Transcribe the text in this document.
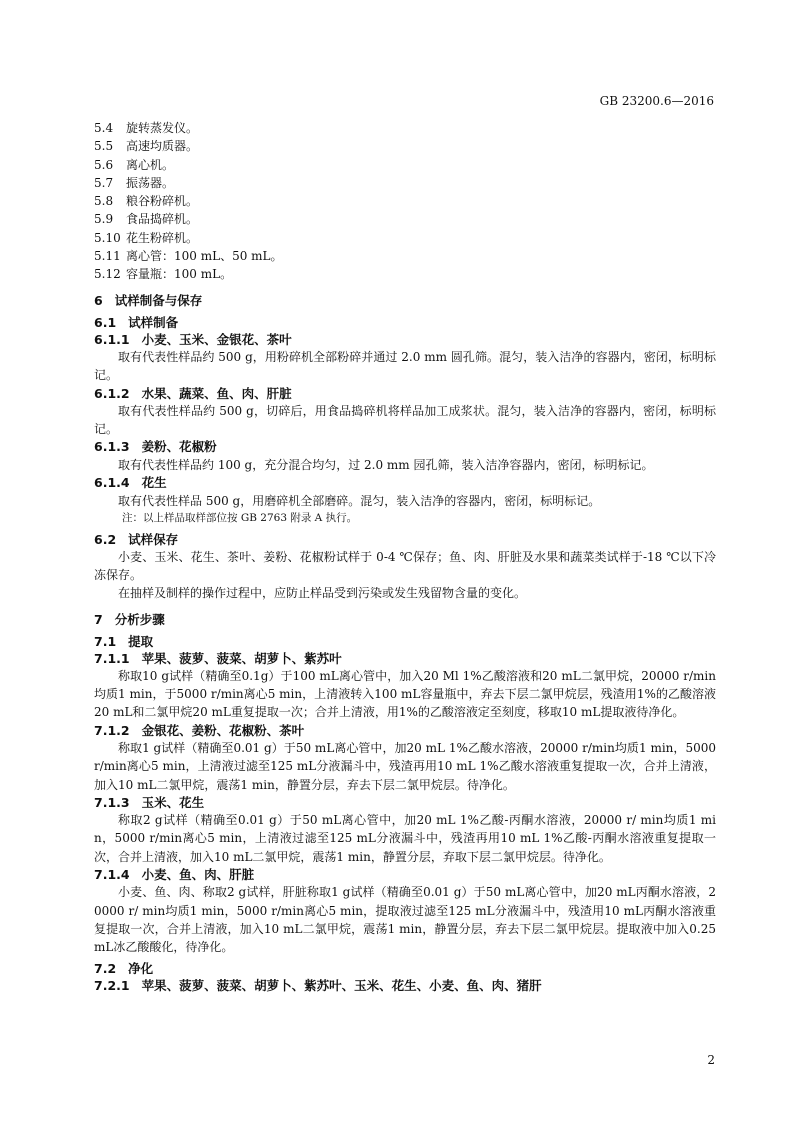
GB 23200.6—2016
5.4 旋转蒸发仪。
5.5 高速均质器。
5.6 离心机。
5.7 振荡器。
5.8 粮谷粉碎机。
5.9 食品捣碎机。
5.10 花生粉碎机。
5.11 离心管：100 mL、50 mL。
5.12 容量瓶：100 mL。
6 试样制备与保存
6.1 试样制备
6.1.1 小麦、玉米、金银花、茶叶
取有代表性样品约 500 g，用粉碎机全部粉碎并通过 2.0 mm 圆孔筛。混匀，装入洁净的容器内，密闭，标明标记。
6.1.2 水果、蔬菜、鱼、肉、肝脏
取有代表性样品约 500 g，切碎后，用食品捣碎机将样品加工成浆状。混匀，装入洁净的容器内，密闭，标明标记。
6.1.3 姜粉、花椒粉
取有代表性样品约 100 g，充分混合均匀，过 2.0 mm 园孔筛，装入洁净容器内，密闭，标明标记。
6.1.4 花生
取有代表性样品 500 g，用磨碎机全部磨碎。混匀，装入洁净的容器内，密闭，标明标记。
注：以上样品取样部位按 GB 2763 附录 A 执行。
6.2 试样保存
小麦、玉米、花生、茶叶、姜粉、花椒粉试样于 0-4 ℃保存；鱼、肉、肝脏及水果和蔬菜类试样于-18 ℃以下冷冻保存。
在抽样及制样的操作过程中，应防止样品受到污染或发生残留物含量的变化。
7 分析步骤
7.1 提取
7.1.1 苹果、菠萝、菠菜、胡萝卜、紫苏叶
称取10 g试样（精确至0.1g）于100 mL离心管中，加入20 Ml 1%乙酸溶液和20 mL二氯甲烷，20000 r/min均质1 min，于5000 r/min离心5 min，上清液转入100 mL容量瓶中，弃去下层二氯甲烷层，残渣用1%的乙酸溶液20 mL和二氯甲烷20 mL重复提取一次；合并上清液，用1%的乙酸溶液定至刻度，移取10 mL提取液待净化。
7.1.2 金银花、姜粉、花椒粉、茶叶
称取1 g试样（精确至0.01 g）于50 mL离心管中，加20 mL 1%乙酸水溶液，20000 r/min均质1 min，5000 r/min离心5 min，上清液过滤至125 mL分液漏斗中，残渣再用10 mL 1%乙酸水溶液重复提取一次，合并上清液，加入10 mL二氯甲烷，震荡1 min，静置分层，弃去下层二氯甲烷层。待净化。
7.1.3 玉米、花生
称取2 g试样（精确至0.01 g）于50 mL离心管中，加20 mL 1%乙酸-丙酮水溶液，20000 r/ min均质1 min，5000 r/min离心5 min，上清液过滤至125 mL分液漏斗中，残渣再用10 mL 1%乙酸-丙酮水溶液重复提取一次，合并上清液，加入10 mL二氯甲烷，震荡1 min，静置分层，弃取下层二氯甲烷层。待净化。
7.1.4 小麦、鱼、肉、肝脏
小麦、鱼、肉、称取2 g试样，肝脏称取1 g试样（精确至0.01 g）于50 mL离心管中，加20 mL丙酮水溶液，20000 r/ min均质1 min，5000 r/min离心5 min，提取液过滤至125 mL分液漏斗中，残渣用10 mL丙酮水溶液重复提取一次，合并上清液，加入10 mL二氯甲烷，震荡1 min，静置分层，弃去下层二氯甲烷层。提取液中加入0.25 mL冰乙酸酸化，待净化。
7.2 净化
7.2.1 苹果、菠萝、菠菜、胡萝卜、紫苏叶、玉米、花生、小麦、鱼、肉、猪肝
2
